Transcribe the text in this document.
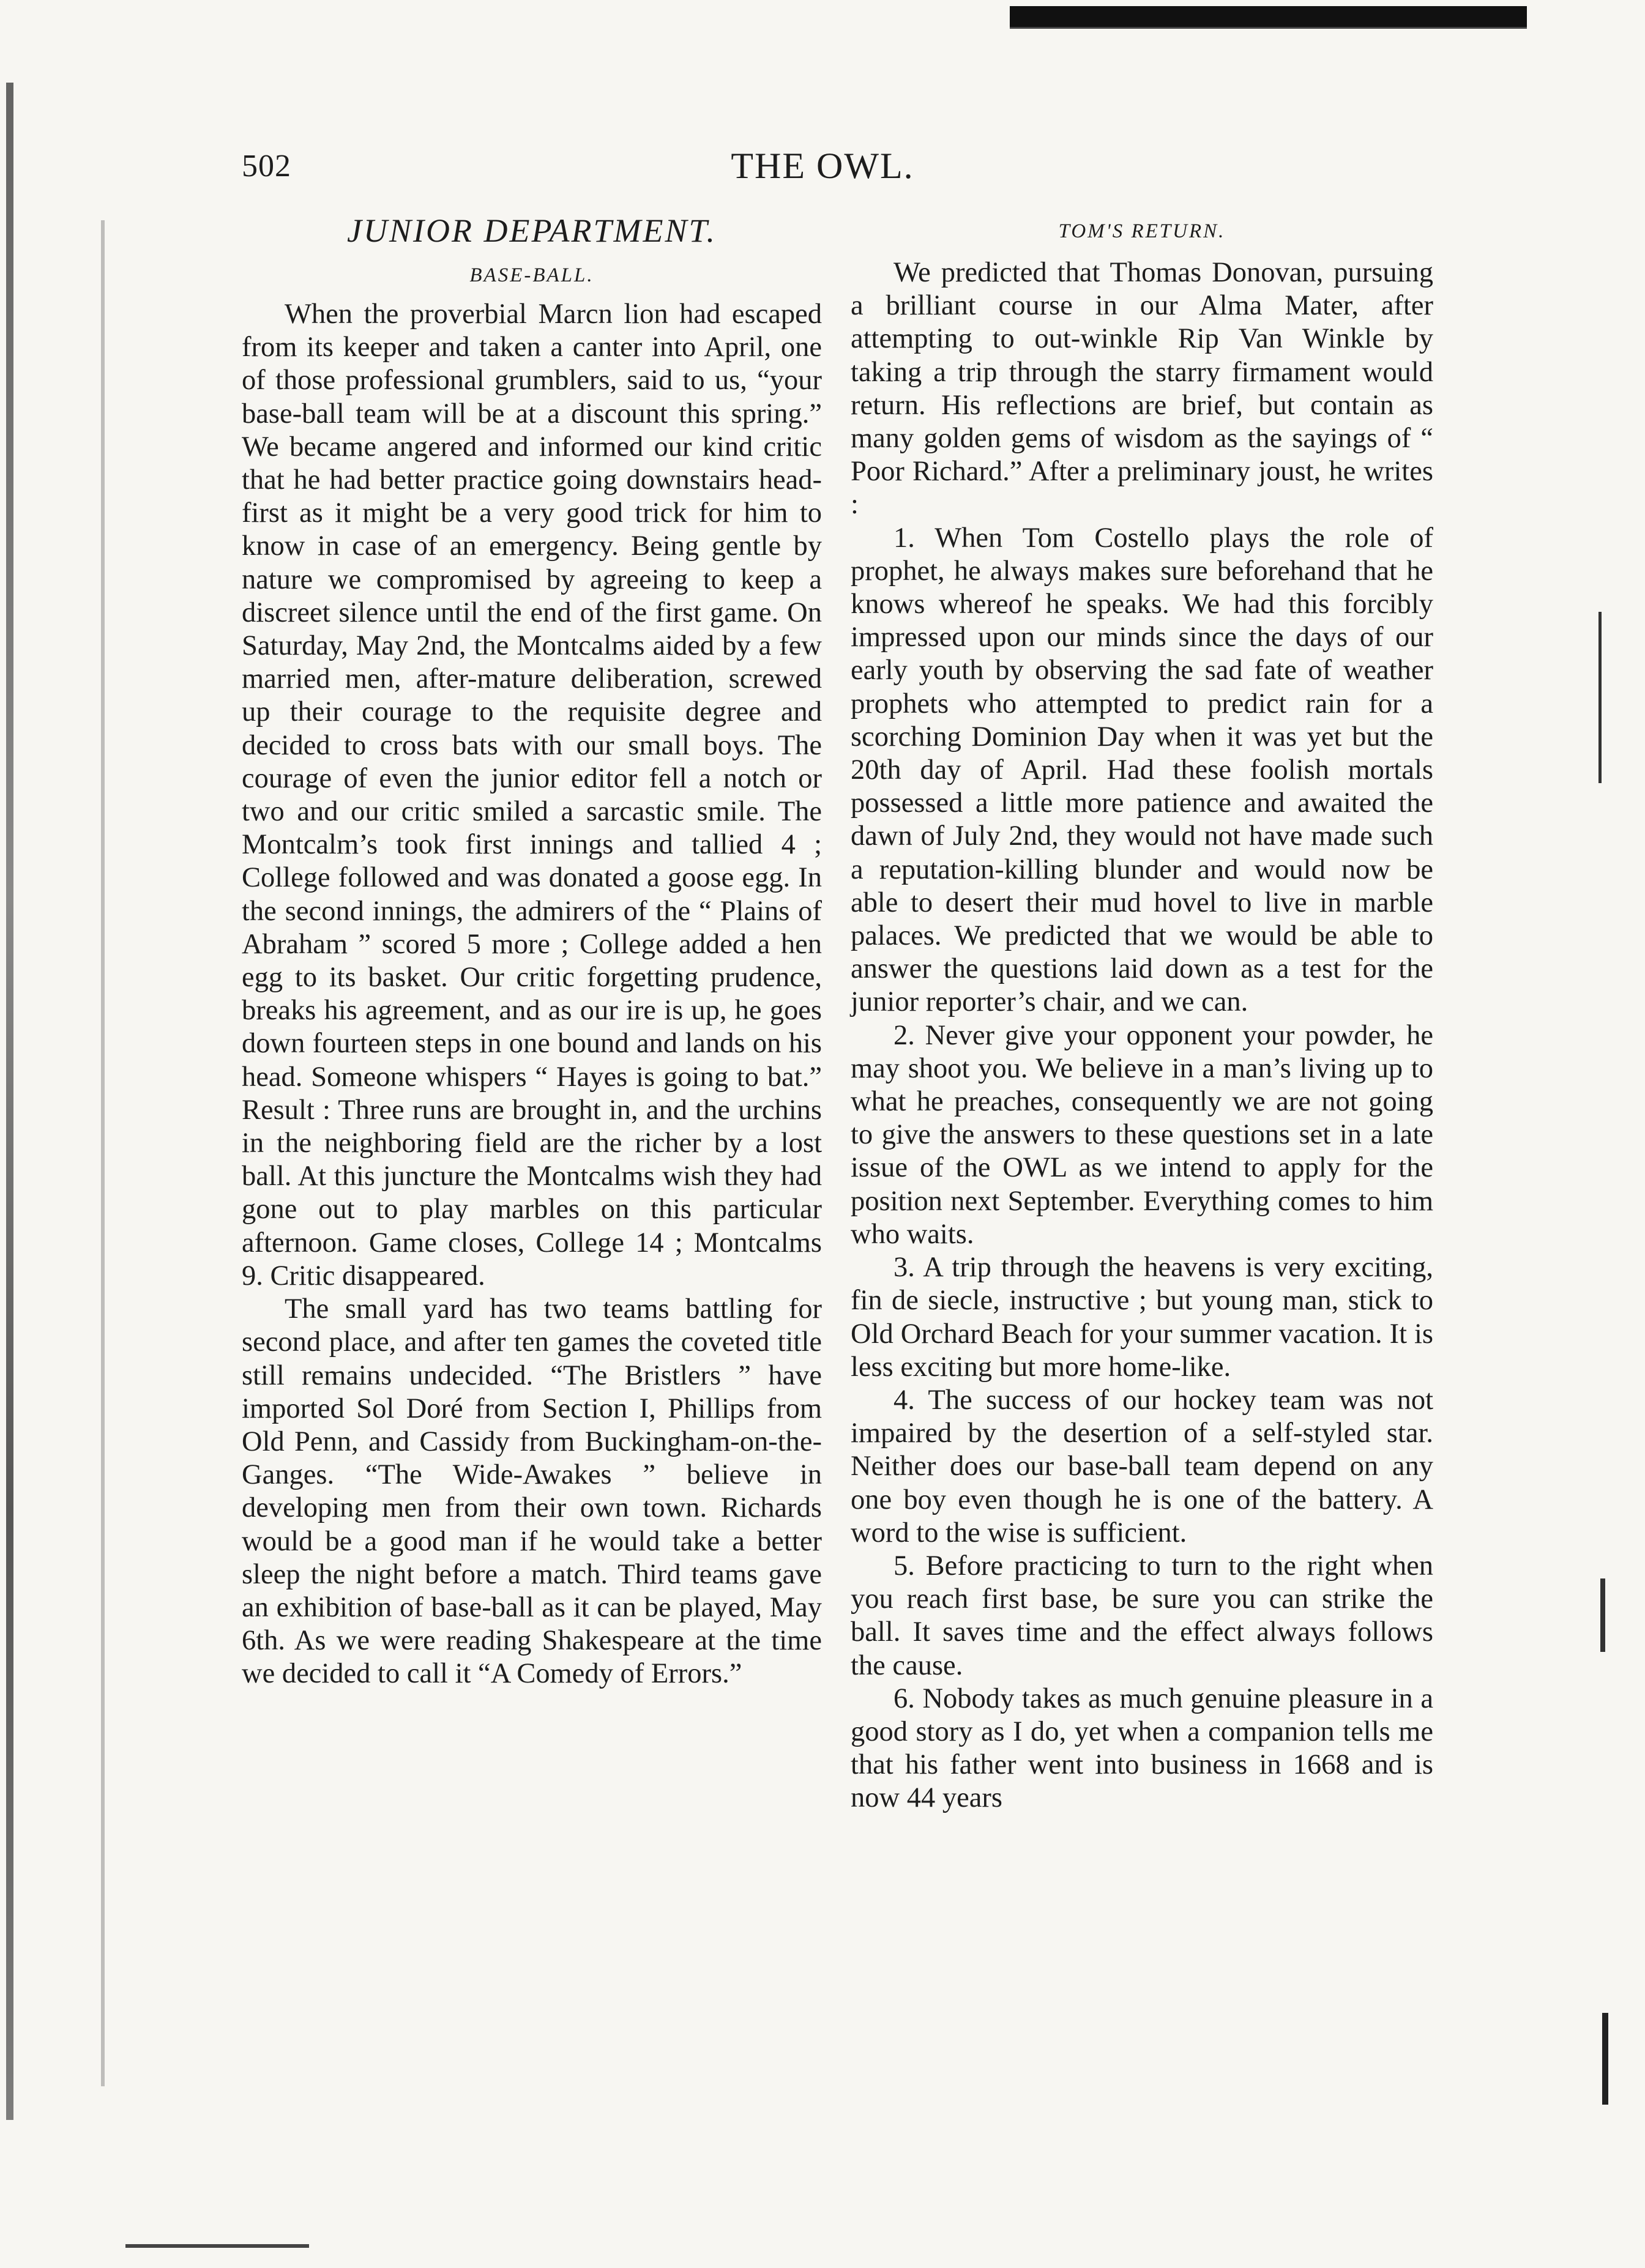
502	THE OWL.
JUNIOR DEPARTMENT.
BASE-BALL.

When the proverbial Marcn lion had escaped from its keeper and taken a canter into April, one of those professional grumblers, said to us, “your base-ball team will be at a discount this spring.” We became angered and informed our kind critic that he had better practice going downstairs head-first as it might be a very good trick for him to know in case of an emergency. Being gentle by nature we compromised by agreeing to keep a discreet silence until the end of the first game. On Saturday, May 2nd, the Montcalms aided by a few married men, after-mature deliberation, screwed up their courage to the requisite degree and decided to cross bats with our small boys. The courage of even the junior editor fell a notch or two and our critic smiled a sarcastic smile. The Montcalm’s took first innings and tallied 4 ; College followed and was donated a goose egg. In the second innings, the admirers of the “ Plains of Abraham ” scored 5 more ; College added a hen egg to its basket. Our critic forgetting prudence, breaks his agreement, and as our ire is up, he goes down fourteen steps in one bound and lands on his head. Someone whispers “ Hayes is going to bat.” Result : Three runs are brought in, and the urchins in the neighboring field are the richer by a lost ball. At this juncture the Montcalms wish they had gone out to play marbles on this particular afternoon. Game closes, College 14 ; Montcalms 9. Critic disappeared.

The small yard has two teams battling for second place, and after ten games the coveted title still remains undecided. “The Bristlers ” have imported Sol Doré from Section I, Phillips from Old Penn, and Cassidy from Buckingham-on-the-Ganges. “The Wide-Awakes ” believe in developing men from their own town. Richards would be a good man if he would take a better sleep the night before a match. Third teams gave an exhibition of base-ball as it can be played, May 6th. As we were reading Shakespeare at the time we decided to call it “A Comedy of Errors.”

TOM'S RETURN.

We predicted that Thomas Donovan, pursuing a brilliant course in our Alma Mater, after attempting to out-winkle Rip Van Winkle by taking a trip through the starry firmament would return. His reflections are brief, but contain as many golden gems of wisdom as the sayings of “ Poor Richard.” After a preliminary joust, he writes :

1. When Tom Costello plays the role of prophet, he always makes sure beforehand that he knows whereof he speaks. We had this forcibly impressed upon our minds since the days of our early youth by observing the sad fate of weather prophets who attempted to predict rain for a scorching Dominion Day when it was yet but the 20th day of April. Had these foolish mortals possessed a little more patience and awaited the dawn of July 2nd, they would not have made such a reputation-killing blunder and would now be able to desert their mud hovel to live in marble palaces. We predicted that we would be able to answer the questions laid down as a test for the junior reporter’s chair, and we can.

2. Never give your opponent your powder, he may shoot you. We believe in a man’s living up to what he preaches, consequently we are not going to give the answers to these questions set in a late issue of the OWL as we intend to apply for the position next September. Everything comes to him who waits.

3. A trip through the heavens is very exciting, fin de siecle, instructive ; but young man, stick to Old Orchard Beach for your summer vacation. It is less exciting but more home-like.

4. The success of our hockey team was not impaired by the desertion of a self-styled star. Neither does our base-ball team depend on any one boy even though he is one of the battery. A word to the wise is sufficient.

5. Before practicing to turn to the right when you reach first base, be sure you can strike the ball. It saves time and the effect always follows the cause.

6. Nobody takes as much genuine pleasure in a good story as I do, yet when a companion tells me that his father went into business in 1668 and is now 44 years
